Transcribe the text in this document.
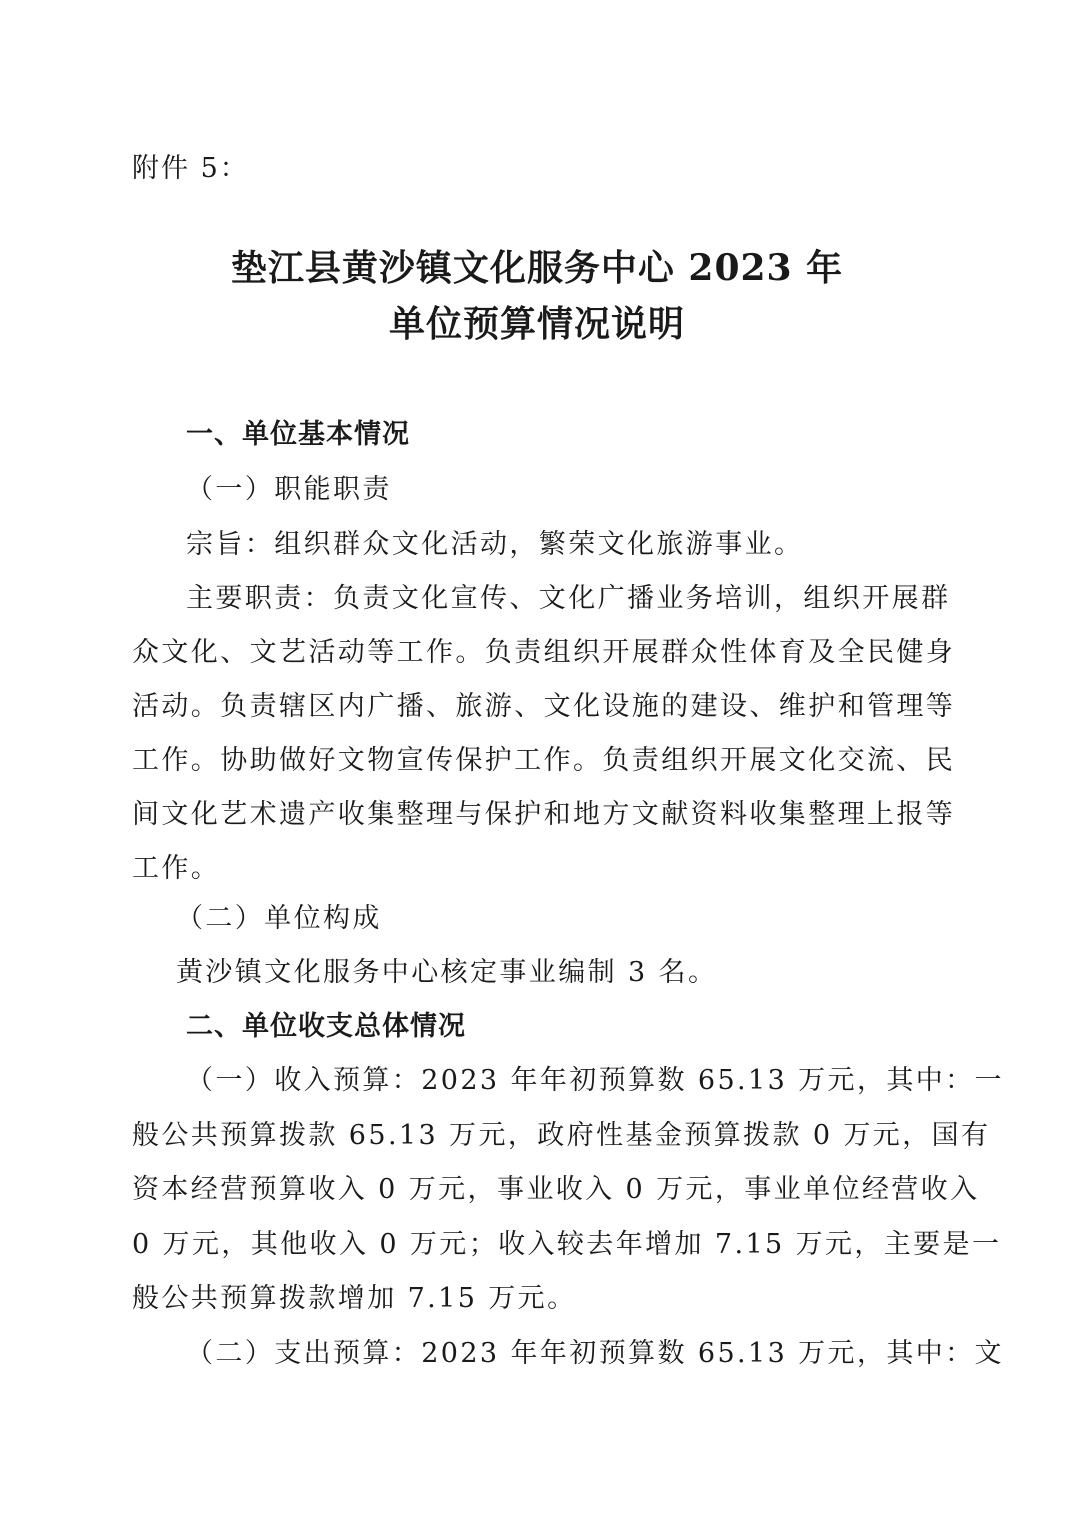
附件 5：
垫江县黄沙镇文化服务中心 2023 年
单位预算情况说明
一、单位基本情况
（一）职能职责
宗旨：组织群众文化活动，繁荣文化旅游事业。
主要职责：负责文化宣传、文化广播业务培训，组织开展群
众文化、文艺活动等工作。负责组织开展群众性体育及全民健身
活动。负责辖区内广播、旅游、文化设施的建设、维护和管理等
工作。协助做好文物宣传保护工作。负责组织开展文化交流、民
间文化艺术遗产收集整理与保护和地方文献资料收集整理上报等
工作。
（二）单位构成
黄沙镇文化服务中心核定事业编制 3 名。
二、单位收支总体情况
（一）收入预算：2023 年年初预算数 65.13 万元，其中：一
般公共预算拨款 65.13 万元，政府性基金预算拨款 0 万元，国有
资本经营预算收入 0 万元，事业收入 0 万元，事业单位经营收入
0 万元，其他收入 0 万元；收入较去年增加 7.15 万元，主要是一
般公共预算拨款增加 7.15 万元。
（二）支出预算：2023 年年初预算数 65.13 万元，其中：文
